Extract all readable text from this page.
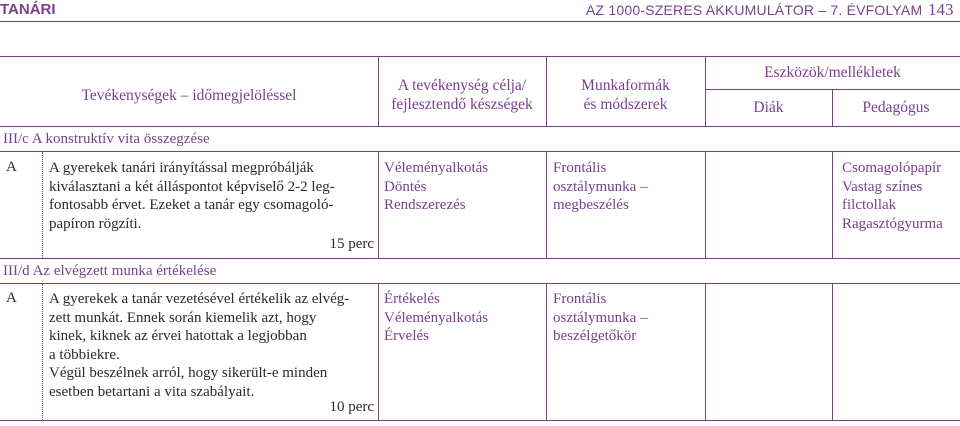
TANÁRI	AZ 1000-SZERES AKKUMULÁTOR – 7. ÉVFOLYAM 143
Tevékenységek – időmegjelöléssel
A tevékenység célja/
fejlesztendő készségek
Munkaformák
és módszerek
Eszközök/mellékletek
Diák	Pedagógus
III/c A konstruktív vita összegzése
A A gyerekek tanári irányítással megpróbálják
kiválasztani a két álláspontot képviselő 2-2 leg-
fontosabb érvet. Ezeket a tanár egy csomagoló-
papíron rögzíti.
15 perc
Véleményalkotás
Döntés
Rendszerezés
Frontális
osztálymunka –
megbeszélés
Csomagolópapír
Vastag színes
filctollak
Ragasztógyurma
III/d Az elvégzett munka értékelése
A A gyerekek a tanár vezetésével értékelik az elvég-
zett munkát. Ennek során kiemelik azt, hogy
kinek, kiknek az érvei hatottak a legjobban
a többiekre.
Végül beszélnek arról, hogy sikerült-e minden
esetben betartani a vita szabályait.
10 perc
Értékelés
Véleményalkotás
Érvelés
Frontális
osztálymunka –
beszélgetőkör
